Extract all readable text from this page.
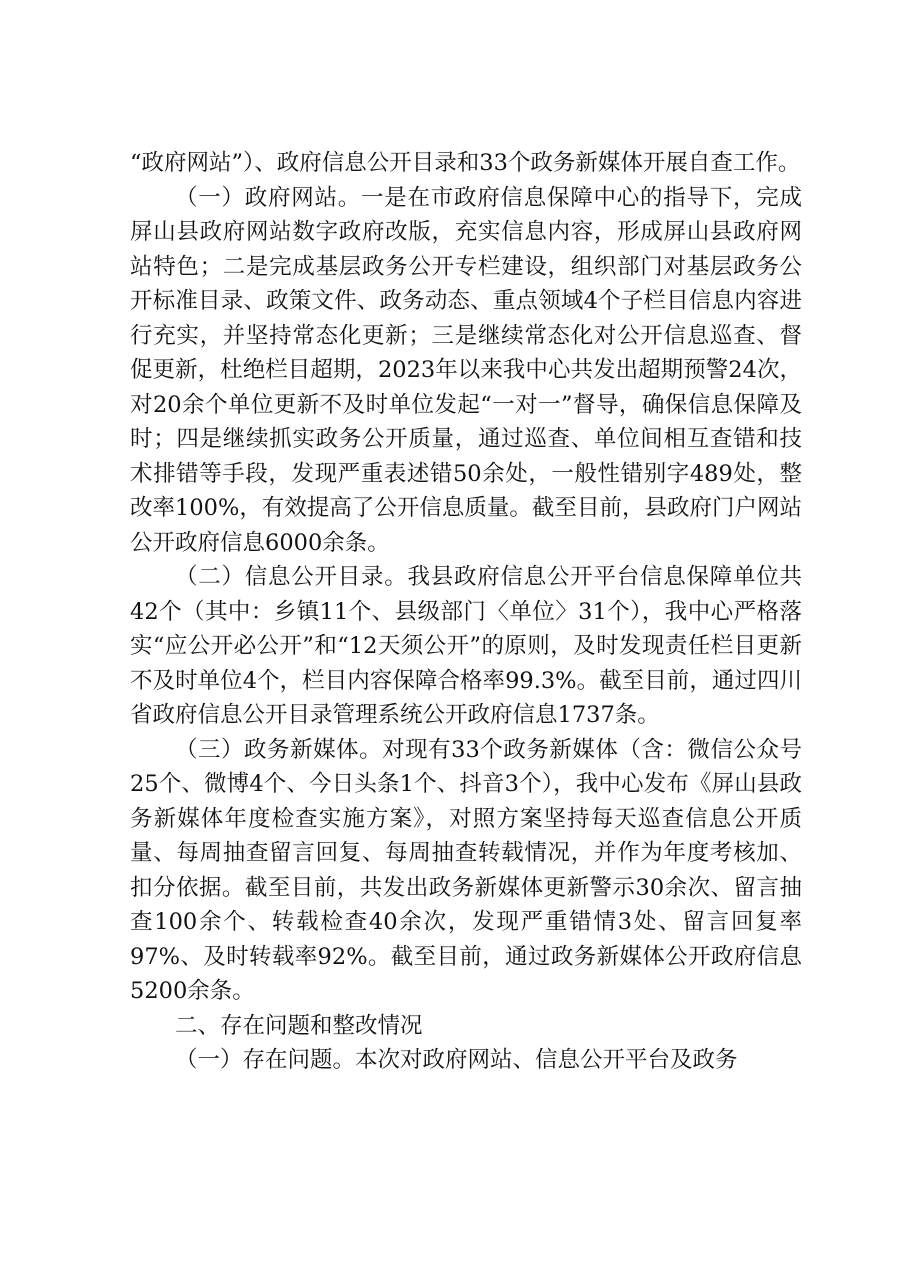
“政府网站”）、政府信息公开目录和33个政务新媒体开展自查工作。

（一）政府网站。一是在市政府信息保障中心的指导下，完成屏山县政府网站数字政府改版，充实信息内容，形成屏山县政府网站特色；二是完成基层政务公开专栏建设，组织部门对基层政务公开标准目录、政策文件、政务动态、重点领域4个子栏目信息内容进行充实，并坚持常态化更新；三是继续常态化对公开信息巡查、督促更新，杜绝栏目超期，2023年以来我中心共发出超期预警24次，对20余个单位更新不及时单位发起“一对一”督导，确保信息保障及时；四是继续抓实政务公开质量，通过巡查、单位间相互查错和技术排错等手段，发现严重表述错50余处，一般性错别字489处，整改率100%，有效提高了公开信息质量。截至目前，县政府门户网站公开政府信息6000余条。

（二）信息公开目录。我县政府信息公开平台信息保障单位共42个（其中：乡镇11个、县级部门〈单位〉31个），我中心严格落实“应公开必公开”和“12天须公开”的原则，及时发现责任栏目更新不及时单位4个，栏目内容保障合格率99.3%。截至目前，通过四川省政府信息公开目录管理系统公开政府信息1737条。

（三）政务新媒体。对现有33个政务新媒体（含：微信公众号25个、微博4个、今日头条1个、抖音3个），我中心发布《屏山县政务新媒体年度检查实施方案》，对照方案坚持每天巡查信息公开质量、每周抽查留言回复、每周抽查转载情况，并作为年度考核加、扣分依据。截至目前，共发出政务新媒体更新警示30余次、留言抽查100余个、转载检查40余次，发现严重错情3处、留言回复率97%、及时转载率92%。截至目前，通过政务新媒体公开政府信息5200余条。

二、存在问题和整改情况

（一）存在问题。本次对政府网站、信息公开平台及政务
